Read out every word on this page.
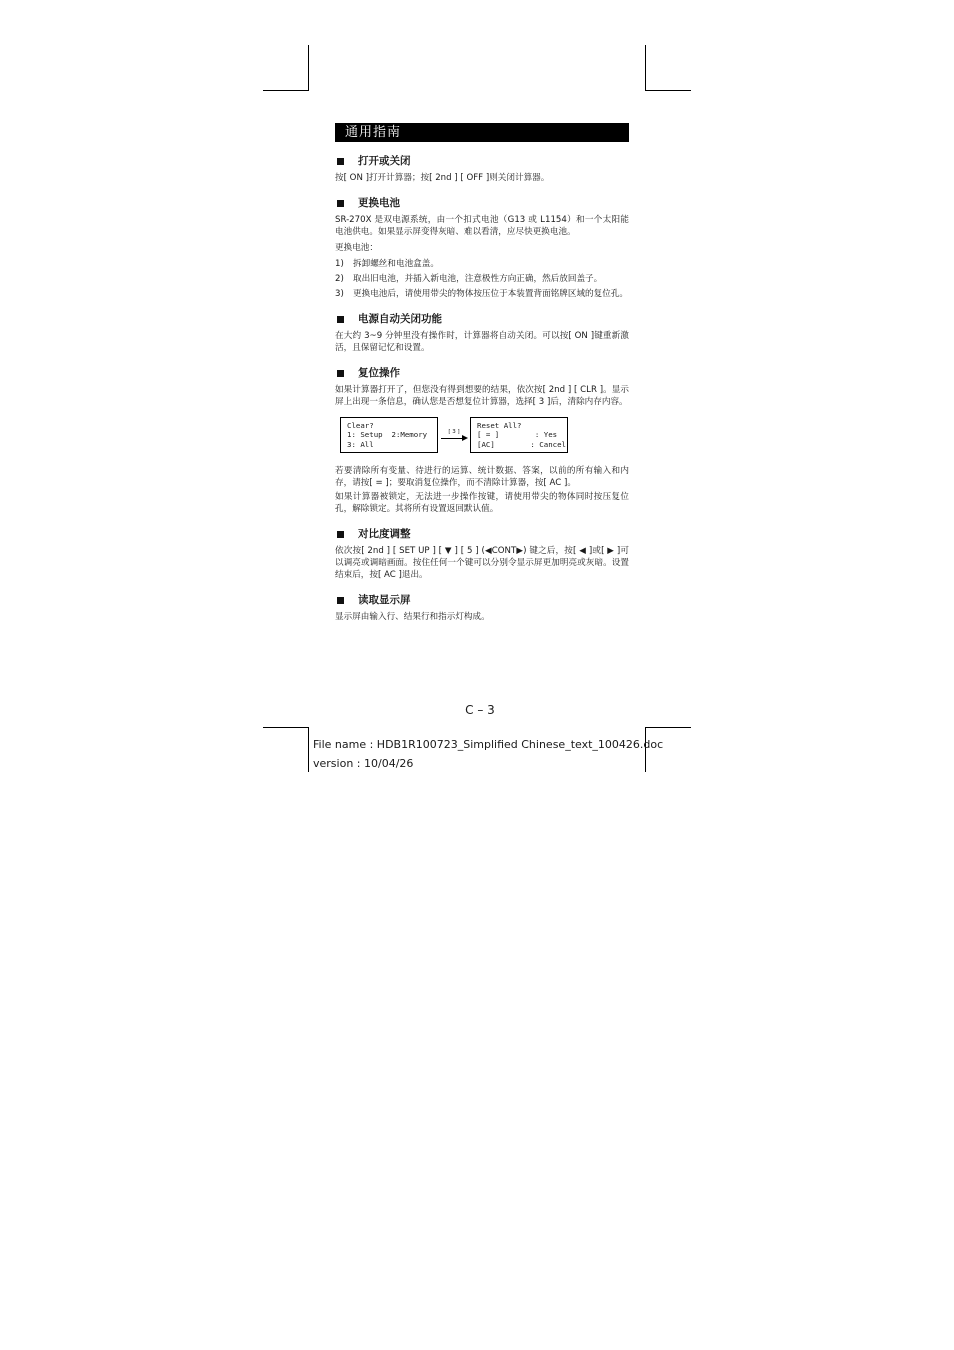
通用指南
打开或关闭
按[ ON ]打开计算器；按[ 2nd ] [ OFF ]则关闭计算器。
更换电池
SR-270X 是双电源系统，由一个扣式电池（G13 或 L1154）和一个太阳能电池供电。如果显示屏变得灰暗、难以看清，应尽快更换电池。
更换电池：
1)	拆卸螺丝和电池盒盖。
2)	取出旧电池，并插入新电池，注意极性方向正确，然后放回盖子。
3)	更换电池后，请使用带尖的物体按压位于本装置背面铭牌区域的复位孔。
电源自动关闭功能
在大约 3~9 分钟里没有操作时，计算器将自动关闭。可以按[ ON ]键重新激活，且保留记忆和设置。
复位操作
如果计算器打开了，但您没有得到想要的结果，依次按[ 2nd ] [ CLR ]。显示屏上出现一条信息，确认您是否想复位计算器，选择[ 3 ]后，清除内存内容。
Clear?
1: Setup  2:Memory
3: All
[ 3 ]
Reset All?
[ = ]        : Yes
[AC]        : Cancel
若要清除所有变量、待进行的运算、统计数据、答案，以前的所有输入和内存，请按[ = ]；要取消复位操作，而不清除计算器，按[ AC ]。
如果计算器被锁定，无法进一步操作按键，请使用带尖的物体同时按压复位孔，解除锁定。其将所有设置返回默认值。
对比度调整
依次按[ 2nd ] [ SET UP ] [ ▼ ] [ 5 ] (◀CONT▶) 键之后，按[ ◀ ]或[ ▶ ]可以调亮或调暗画面。按住任何一个键可以分别令显示屏更加明亮或灰暗。设置结束后，按[ AC ]退出。
读取显示屏
显示屏由输入行、结果行和指示灯构成。
C – 3
File name : HDB1R100723_Simplified Chinese_text_100426.doc
version : 10/04/26
